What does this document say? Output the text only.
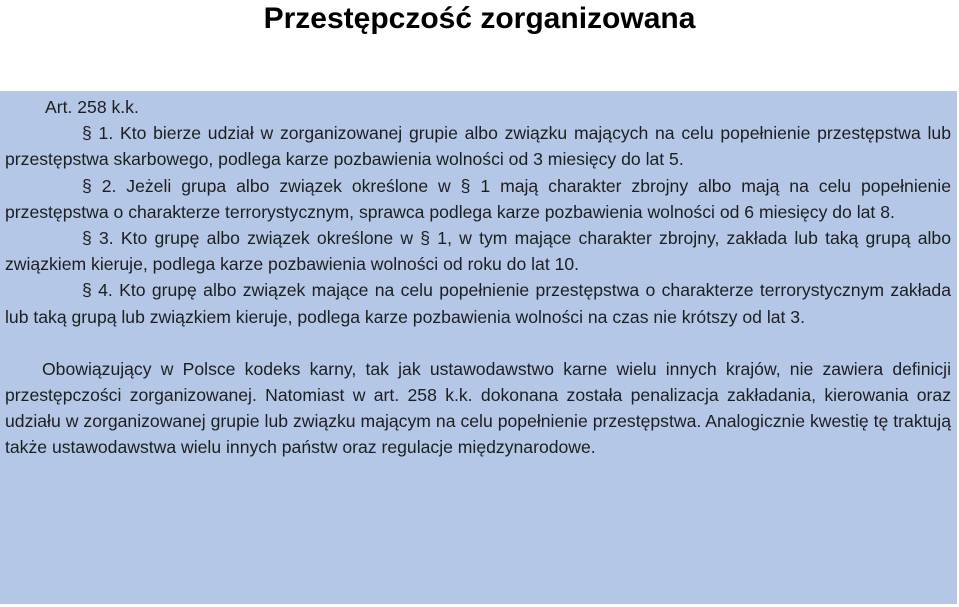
Przestępczość zorganizowana

Art. 258 k.k.

§ 1. Kto bierze udział w zorganizowanej grupie albo związku mających na celu popełnienie przestępstwa lub przestępstwa skarbowego, podlega karze pozbawienia wolności od 3 miesięcy do lat 5.

§ 2. Jeżeli grupa albo związek określone w § 1 mają charakter zbrojny albo mają na celu popełnienie przestępstwa o charakterze terrorystycznym, sprawca podlega karze pozbawienia wolności od 6 miesięcy do lat 8.

§ 3. Kto grupę albo związek określone w § 1, w tym mające charakter zbrojny, zakłada lub taką grupą albo związkiem kieruje, podlega karze pozbawienia wolności od roku do lat 10.

§ 4. Kto grupę albo związek mające na celu popełnienie przestępstwa o charakterze terrorystycznym zakłada lub taką grupą lub związkiem kieruje, podlega karze pozbawienia wolności na czas nie krótszy od lat 3.

Obowiązujący w Polsce kodeks karny, tak jak ustawodawstwo karne wielu innych krajów, nie zawiera definicji przestępczości zorganizowanej. Natomiast w art. 258 k.k. dokonana została penalizacja zakładania, kierowania oraz udziału w zorganizowanej grupie lub związku mającym na celu popełnienie przestępstwa. Analogicznie kwestię tę traktują także ustawodawstwa wielu innych państw oraz regulacje międzynarodowe.
